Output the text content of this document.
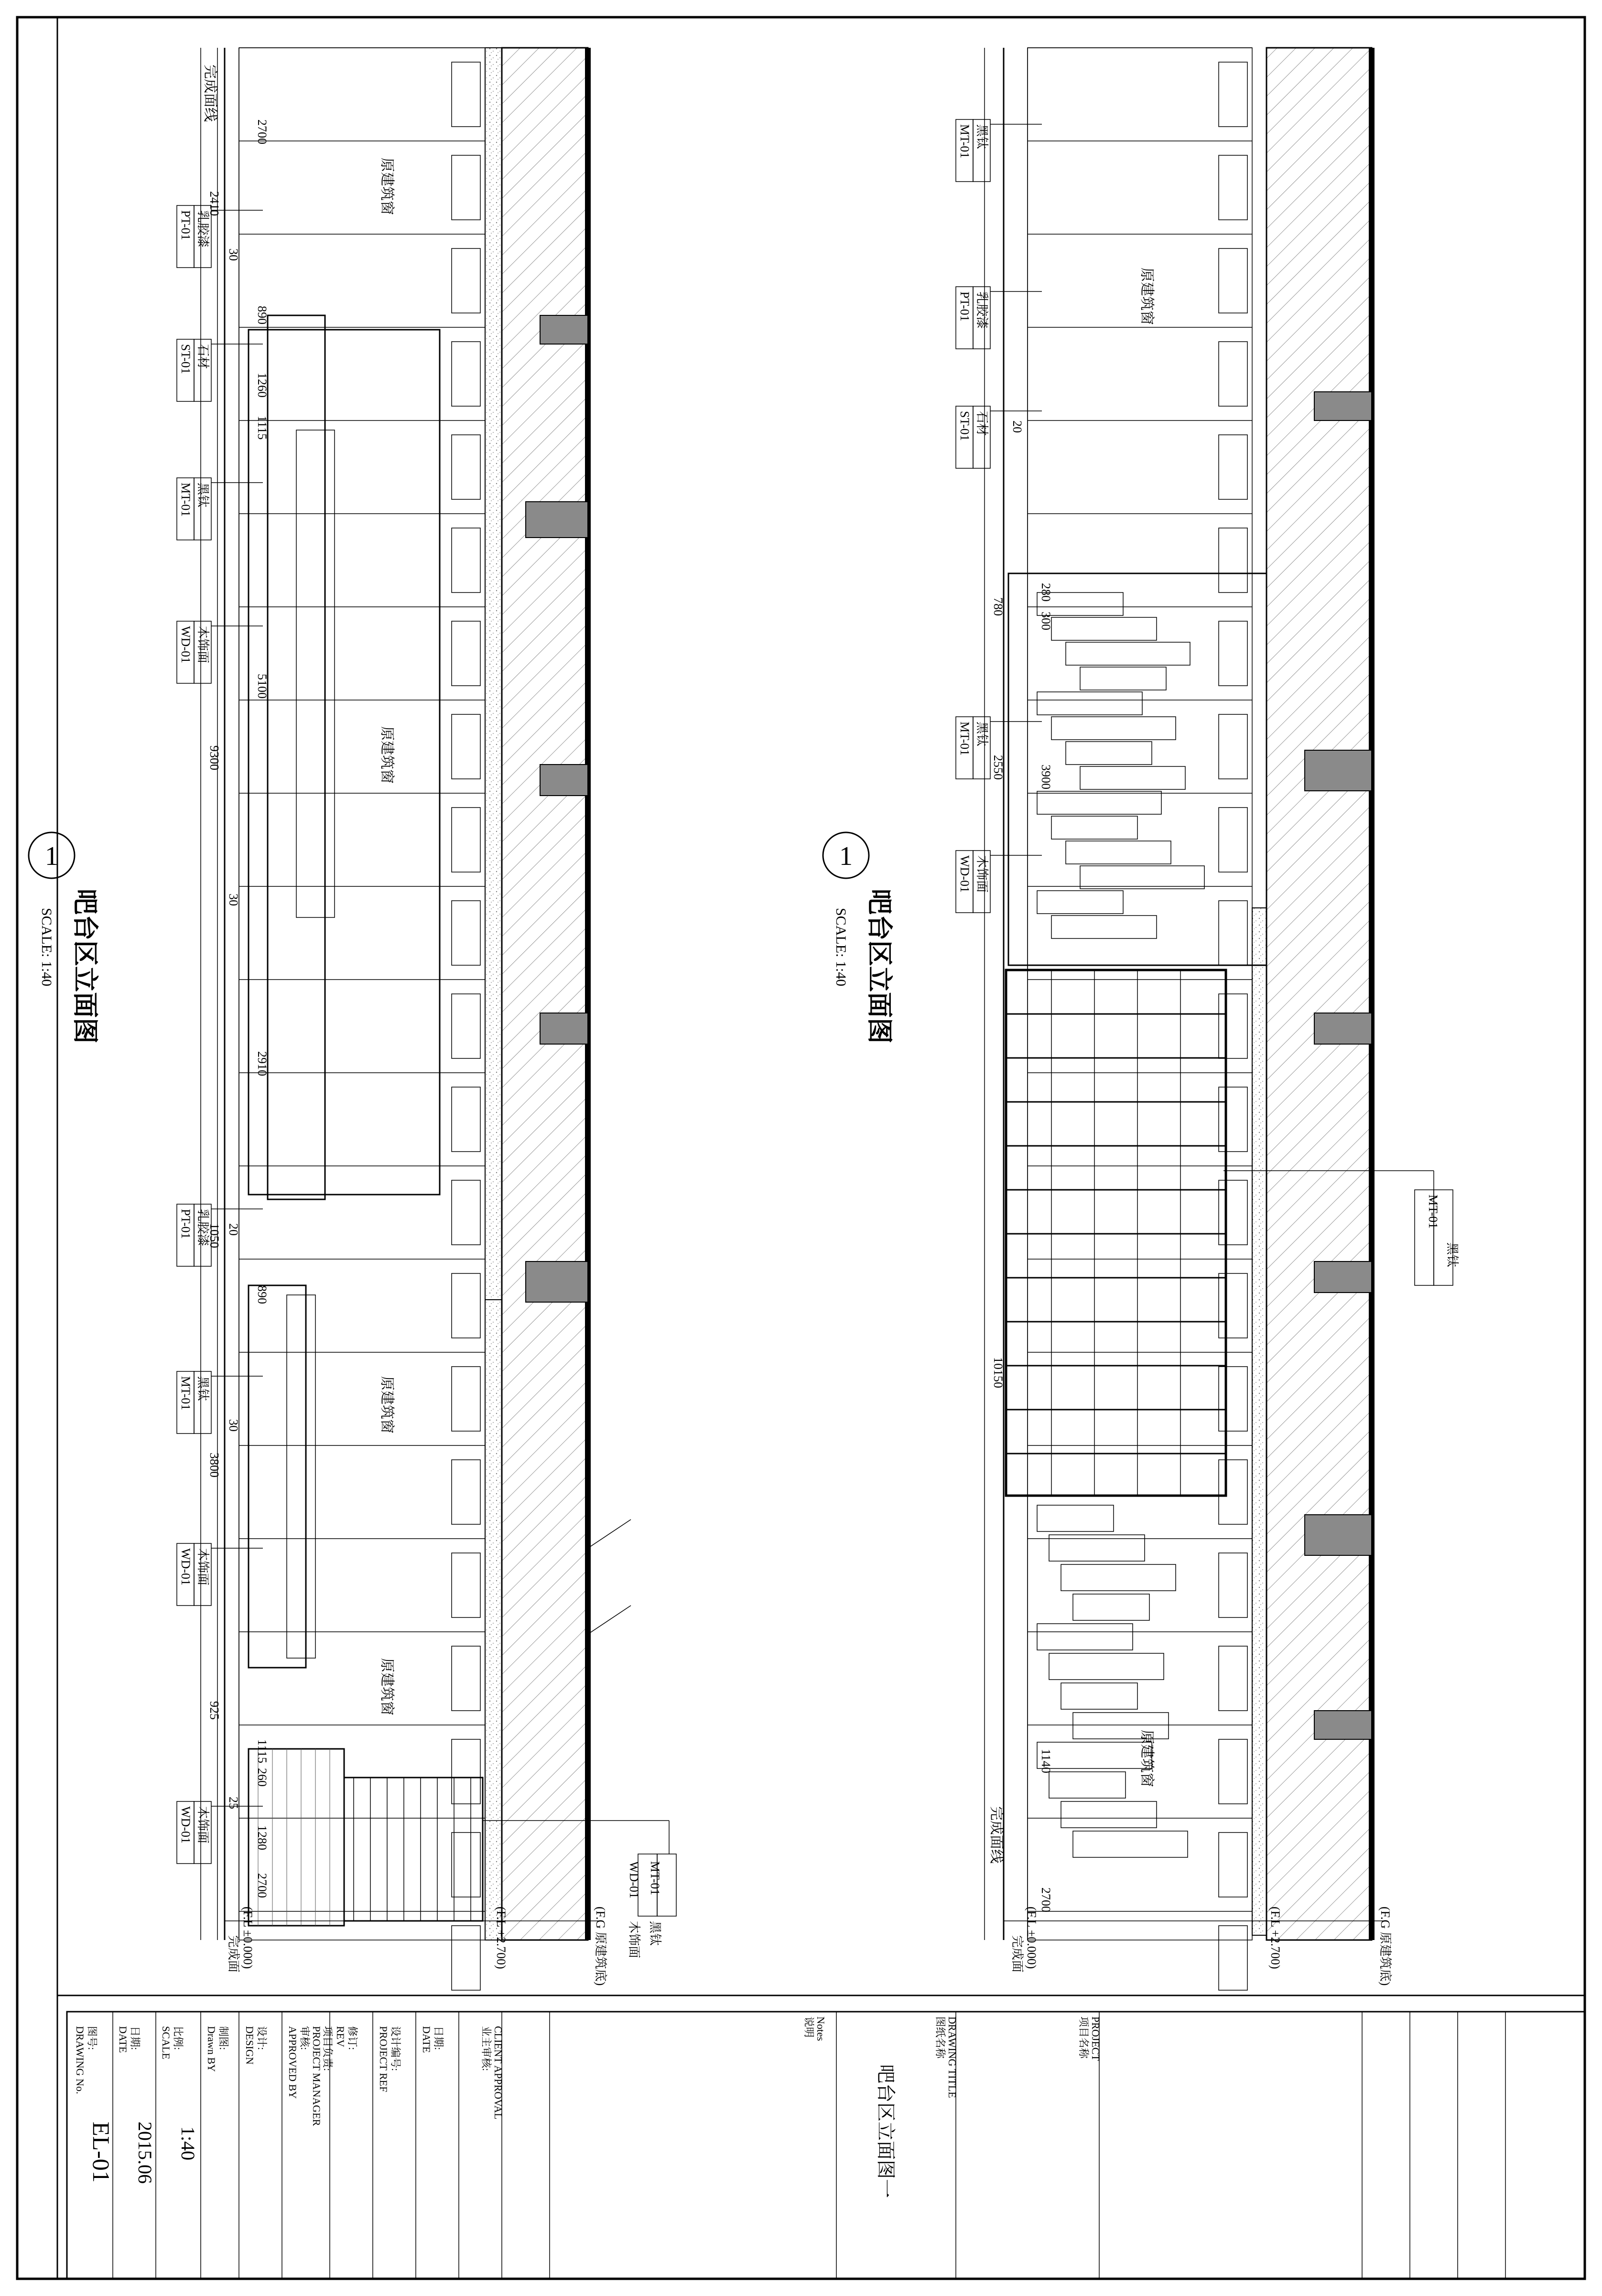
PT-01 乳胶漆
ST-01 石材
MT-01 黑钛
WD-01 木饰面
PT-01 乳胶漆
MT-01 黑钛
WD-01 木饰面
WD-01 木饰面
2410
9300
1050
3800
925
2700
890
1260
1115
5100
2910
890
1115
260
1280
2700
30
30
20
30
25
1
吧台区立面图
SCALE: 1:40
原建筑窗
原建筑窗
原建筑窗
原建筑窗
完成面线
(F.L ±0.000)	(F.L +2.700)	(F.G 原建筑底)
完成面
MT-01
黑钛
WD-01
木饰面
MT-01 黑钛
PT-01 乳胶漆
ST-01 石材
MT-01 黑钛
WD-01 木饰面
780
2550
10150
300
280
3900
1140
2700
20
1
吧台区立面图
SCALE: 1:40
原建筑窗
原建筑窗
完成面线
(F.L ±0.000)	(F.L +2.700)	(F.G 原建筑底)
完成面
MT-01
黑钛
DRAWING No. 图号:
EL-01
DATE 日期:
2015.06
SCALE 比例:
1:40
Drawn BY 制图: DESIGN 设计: APPROVED BY 审核: PROJECT MANAGER
项目负责: REV 修订: PROJECT REF 设计编号: DATE 日期:	CLIENT APPROVAL
业主审核:	Notes
说明
吧台区立面图一
DRAWING TITLE
图纸名称	PROJECT
项目名称
